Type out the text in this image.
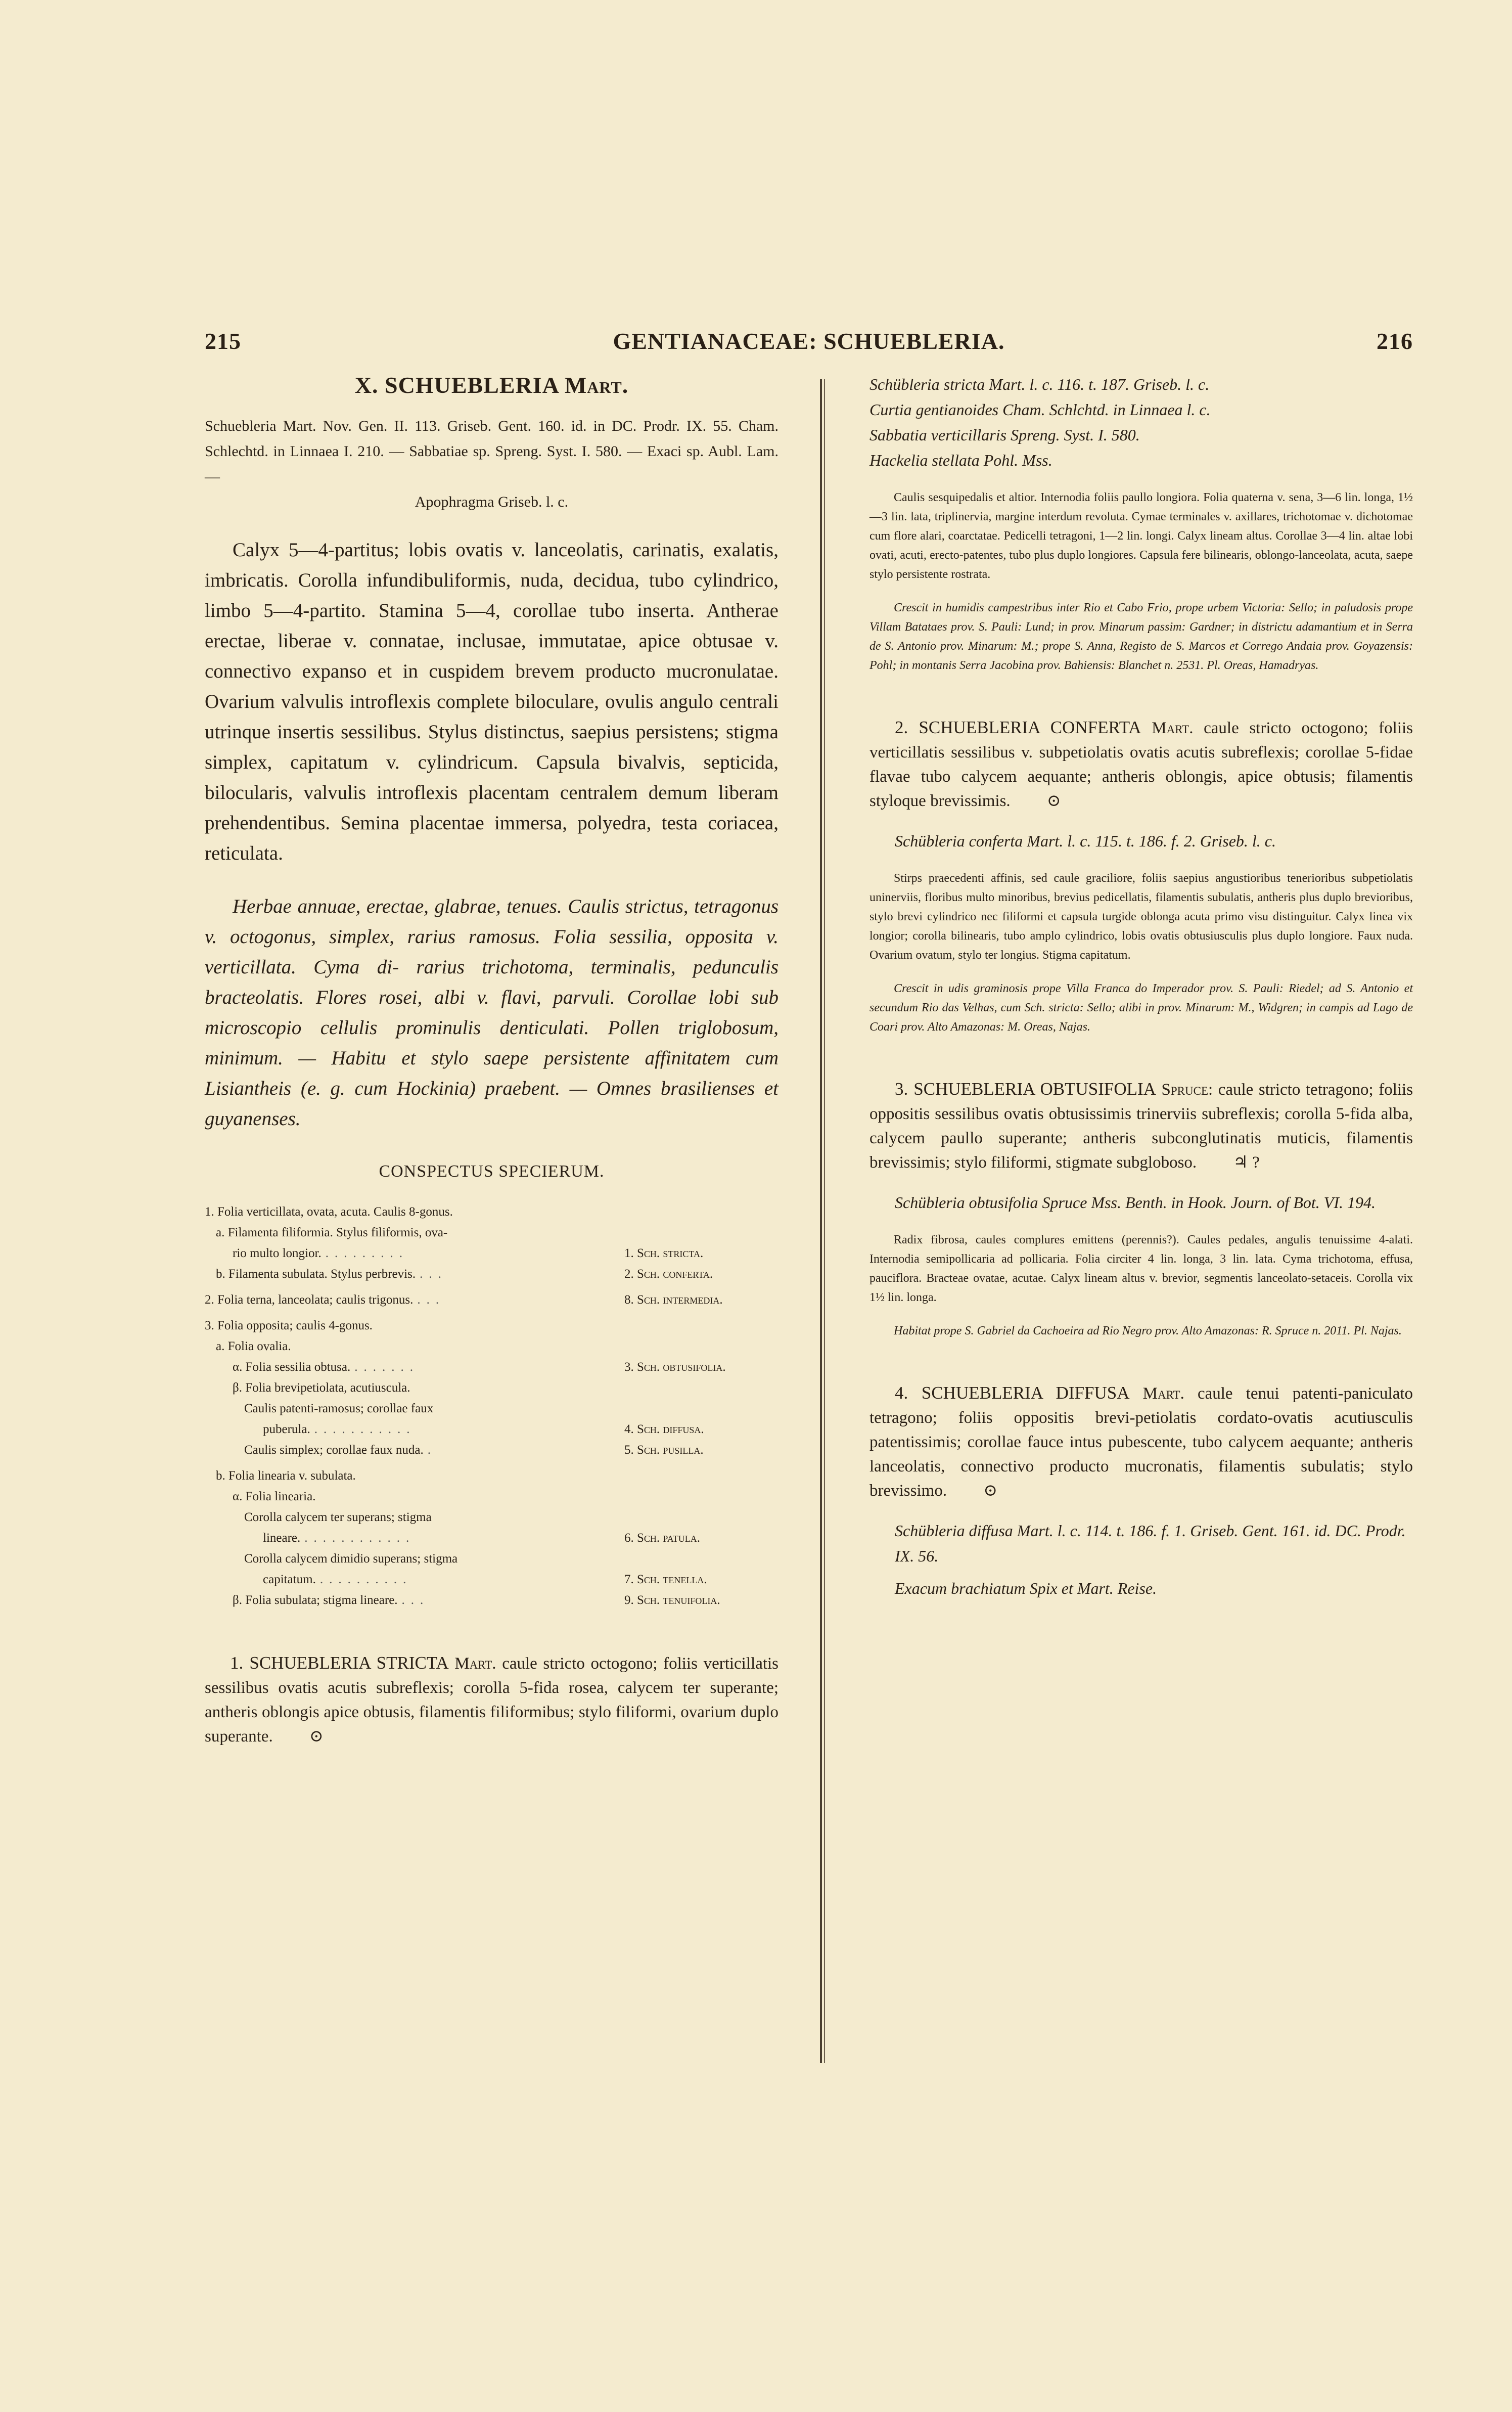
215	GENTIANACEAE: SCHUEBLERIA.	216
X. SCHUEBLERIA Mart.

Schuebleria Mart. Nov. Gen. II. 113. Griseb. Gent. 160. id. in DC. Prodr. IX. 55. Cham. Schlechtd. in Linnaea I. 210. — Sabbatiae sp. Spreng. Syst. I. 580. — Exaci sp. Aubl. Lam. —

Apophragma Griseb. l. c.

Calyx 5—4-partitus; lobis ovatis v. lanceolatis, carinatis, exalatis, imbricatis. Corolla infundibuliformis, nuda, decidua, tubo cylindrico, limbo 5—4-partito. Stamina 5—4, corollae tubo inserta. Antherae erectae, liberae v. connatae, inclusae, immutatae, apice obtusae v. connectivo expanso et in cuspidem brevem producto mucronulatae. Ovarium valvulis introflexis complete biloculare, ovulis angulo centrali utrinque insertis sessilibus. Stylus distinctus, saepius persistens; stigma simplex, capitatum v. cylindricum. Capsula bivalvis, septicida, bilocularis, valvulis introflexis placentam centralem demum liberam prehendentibus. Semina placentae immersa, polyedra, testa coriacea, reticulata.

Herbae annuae, erectae, glabrae, tenues. Caulis strictus, tetragonus v. octogonus, simplex, rarius ramosus. Folia sessilia, opposita v. verticillata. Cyma di- rarius trichotoma, terminalis, pedunculis bracteolatis. Flores rosei, albi v. flavi, parvuli. Corollae lobi sub microscopio cellulis prominulis denticulati. Pollen triglobosum, minimum. — Habitu et stylo saepe persistente affinitatem cum Lisiantheis (e. g. cum Hockinia) praebent. — Omnes brasilienses et guyanenses.

CONSPECTUS SPECIERUM.
1. Folia verticillata, ovata, acuta. Caulis 8-gonus.
a. Filamenta filiformia. Stylus filiformis, ova-
rio multo longior. .........	1. Sch. stricta.
b. Filamenta subulata. Stylus perbrevis. ...	2. Sch. conferta.
2. Folia terna, lanceolata; caulis trigonus. ...	8. Sch. intermedia.
3. Folia opposita; caulis 4-gonus.
a. Folia ovalia.
α. Folia sessilia obtusa. .......	3. Sch. obtusifolia.
β. Folia brevipetiolata, acutiuscula.
Caulis patenti-ramosus; corollae faux
puberula. ...........	4. Sch. diffusa.
Caulis simplex; corollae faux nuda. .	5. Sch. pusilla.
b. Folia linearia v. subulata.
α. Folia linearia.
Corolla calycem ter superans; stigma
lineare. ............	6. Sch. patula.
Corolla calycem dimidio superans; stigma
capitatum. ..........	7. Sch. tenella.
β. Folia subulata; stigma lineare. ...	9. Sch. tenuifolia.

1. SCHUEBLERIA STRICTA Mart. caule stricto octogono; foliis verticillatis sessilibus ovatis acutis subreflexis; corolla 5-fida rosea, calycem ter superante; antheris oblongis apice obtusis, filamentis filiformibus; stylo filiformi, ovarium duplo superante. ⊙

Schübleria stricta Mart. l. c. 116. t. 187. Griseb. l. c.

Curtia gentianoides Cham. Schlchtd. in Linnaea l. c.

Sabbatia verticillaris Spreng. Syst. I. 580.

Hackelia stellata Pohl. Mss.

Caulis sesquipedalis et altior. Internodia foliis paullo longiora. Folia quaterna v. sena, 3—6 lin. longa, 1½—3 lin. lata, triplinervia, margine interdum revoluta. Cymae terminales v. axillares, trichotomae v. dichotomae cum flore alari, coarctatae. Pedicelli tetragoni, 1—2 lin. longi. Calyx lineam altus. Corollae 3—4 lin. altae lobi ovati, acuti, erecto-patentes, tubo plus duplo longiores. Capsula fere bilinearis, oblongo-lanceolata, acuta, saepe stylo persistente rostrata.

Crescit in humidis campestribus inter Rio et Cabo Frio, prope urbem Victoria: Sello; in paludosis prope Villam Batataes prov. S. Pauli: Lund; in prov. Minarum passim: Gardner; in districtu adamantium et in Serra de S. Antonio prov. Minarum: M.; prope S. Anna, Registo de S. Marcos et Corrego Andaia prov. Goyazensis: Pohl; in montanis Serra Jacobina prov. Bahiensis: Blanchet n. 2531. Pl. Oreas, Hamadryas.

2. SCHUEBLERIA CONFERTA Mart. caule stricto octogono; foliis verticillatis sessilibus v. subpetiolatis ovatis acutis subreflexis; corollae 5-fidae flavae tubo calycem aequante; antheris oblongis, apice obtusis; filamentis styloque brevissimis. ⊙

Schübleria conferta Mart. l. c. 115. t. 186. f. 2. Griseb. l. c.

Stirps praecedenti affinis, sed caule graciliore, foliis saepius angustioribus tenerioribus subpetiolatis uninerviis, floribus multo minoribus, brevius pedicellatis, filamentis subulatis, antheris plus duplo brevioribus, stylo brevi cylindrico nec filiformi et capsula turgide oblonga acuta primo visu distinguitur. Calyx linea vix longior; corolla bilinearis, tubo amplo cylindrico, lobis ovatis obtusiusculis plus duplo longiore. Faux nuda. Ovarium ovatum, stylo ter longius. Stigma capitatum.

Crescit in udis graminosis prope Villa Franca do Imperador prov. S. Pauli: Riedel; ad S. Antonio et secundum Rio das Velhas, cum Sch. stricta: Sello; alibi in prov. Minarum: M., Widgren; in campis ad Lago de Coari prov. Alto Amazonas: M. Oreas, Najas.

3. SCHUEBLERIA OBTUSIFOLIA Spruce: caule stricto tetragono; foliis oppositis sessilibus ovatis obtusissimis trinerviis subreflexis; corolla 5-fida alba, calycem paullo superante; antheris subconglutinatis muticis, filamentis brevissimis; stylo filiformi, stigmate subgloboso. ♃ ?

Schübleria obtusifolia Spruce Mss. Benth. in Hook. Journ. of Bot. VI. 194.

Radix fibrosa, caules complures emittens (perennis?). Caules pedales, angulis tenuissime 4-alati. Internodia semipollicaria ad pollicaria. Folia circiter 4 lin. longa, 3 lin. lata. Cyma trichotoma, effusa, pauciflora. Bracteae ovatae, acutae. Calyx lineam altus v. brevior, segmentis lanceolato-setaceis. Corolla vix 1½ lin. longa.

Habitat prope S. Gabriel da Cachoeira ad Rio Negro prov. Alto Amazonas: R. Spruce n. 2011. Pl. Najas.

4. SCHUEBLERIA DIFFUSA Mart. caule tenui patenti-paniculato tetragono; foliis oppositis brevi-petiolatis cordato-ovatis acutiusculis patentissimis; corollae fauce intus pubescente, tubo calycem aequante; antheris lanceolatis, connectivo producto mucronatis, filamentis subulatis; stylo brevissimo. ⊙

Schübleria diffusa Mart. l. c. 114. t. 186. f. 1. Griseb. Gent. 161. id. DC. Prodr. IX. 56.

Exacum brachiatum Spix et Mart. Reise.
